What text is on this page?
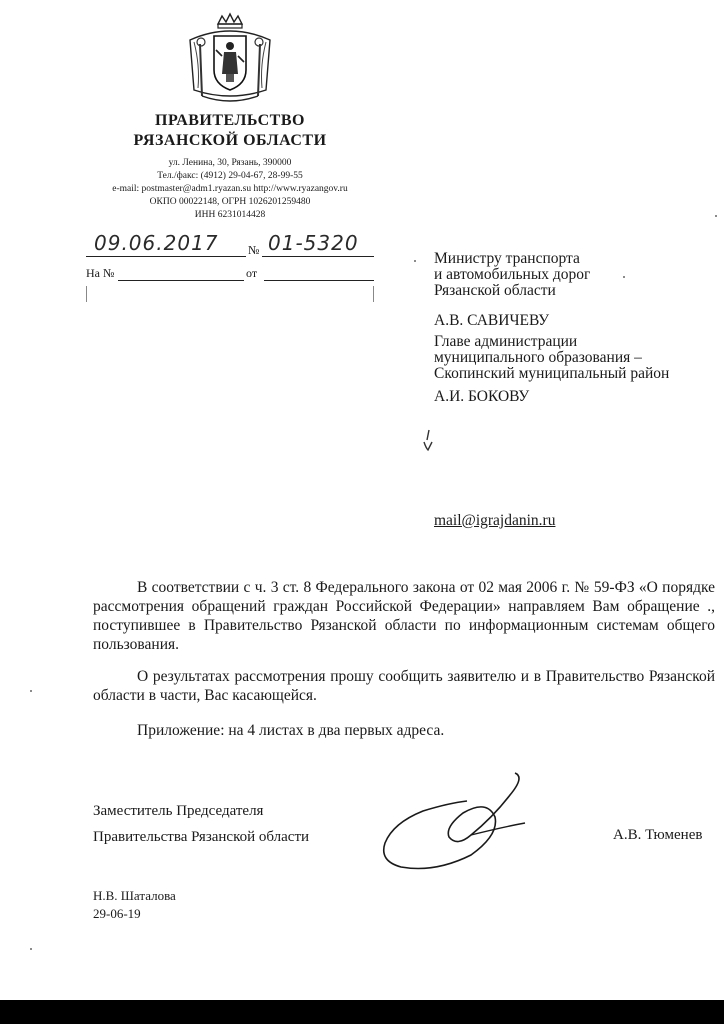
ПРАВИТЕЛЬСТВО
РЯЗАНСКОЙ ОБЛАСТИ
ул. Ленина, 30, Рязань, 390000
Тел./факс: (4912) 29-04-67, 28-99-55
e-mail: postmaster@adm1.ryazan.su http://www.ryazangov.ru
ОКПО 00022148, ОГРН 1026201259480
ИНН 6231014428
09.06.2017 № 01-5320
На №	от
Министру транспорта
и автомобильных дорог
Рязанской области
А.В. САВИЧЕВУ
Главе администрации
муниципального образования –
Скопинский муниципальный район
А.И. БОКОВУ
mail@igrajdanin.ru
В соответствии с ч. 3 ст. 8 Федерального закона от 02 мая 2006 г. № 59-ФЗ «О порядке рассмотрения обращений граждан Российской Федерации» направляем Вам обращение ., поступившее в Правительство Рязанской области по информационным системам общего пользования.
О результатах рассмотрения прошу сообщить заявителю и в Правительство Рязанской области в части, Вас касающейся.
Приложение: на 4 листах в два первых адреса.
Заместитель Председателя
Правительства Рязанской области	А.В. Тюменев
Н.В. Шаталова
29-06-19
